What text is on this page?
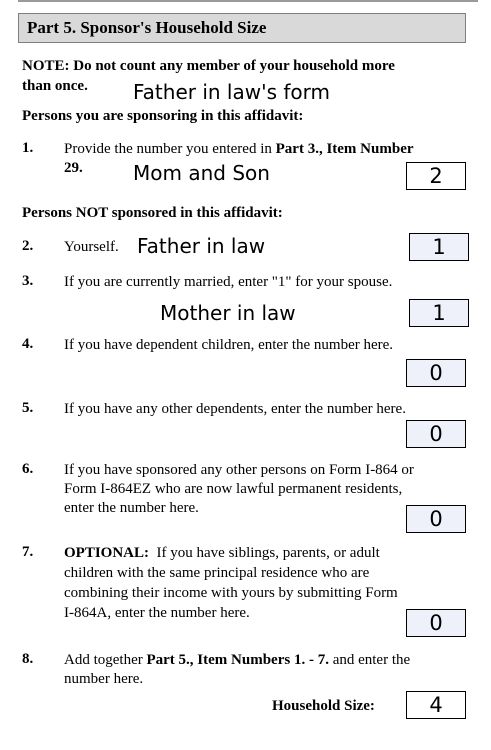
Part 5. Sponsor's Household Size
NOTE: Do not count any member of your household more
than once. Father in law's form
Persons you are sponsoring in this affidavit:
1. Provide the number you entered in Part 3., Item Number
29.	Mom and Son	2
Persons NOT sponsored in this affidavit:
2. Yourself. Father in law	1
3. If you are currently married, enter "1" for your spouse.
Mother in law	1
4. If you have dependent children, enter the number here.
0
5. If you have any other dependents, enter the number here.
0
6. If you have sponsored any other persons on Form I-864 or
Form I-864EZ who are now lawful permanent residents,
enter the number here.	0
7. OPTIONAL:  If you have siblings, parents, or adult
children with the same principal residence who are
combining their income with yours by submitting Form
I-864A, enter the number here.	0
8. Add together Part 5., Item Numbers 1. - 7. and enter the
number here.
Household Size:	4
